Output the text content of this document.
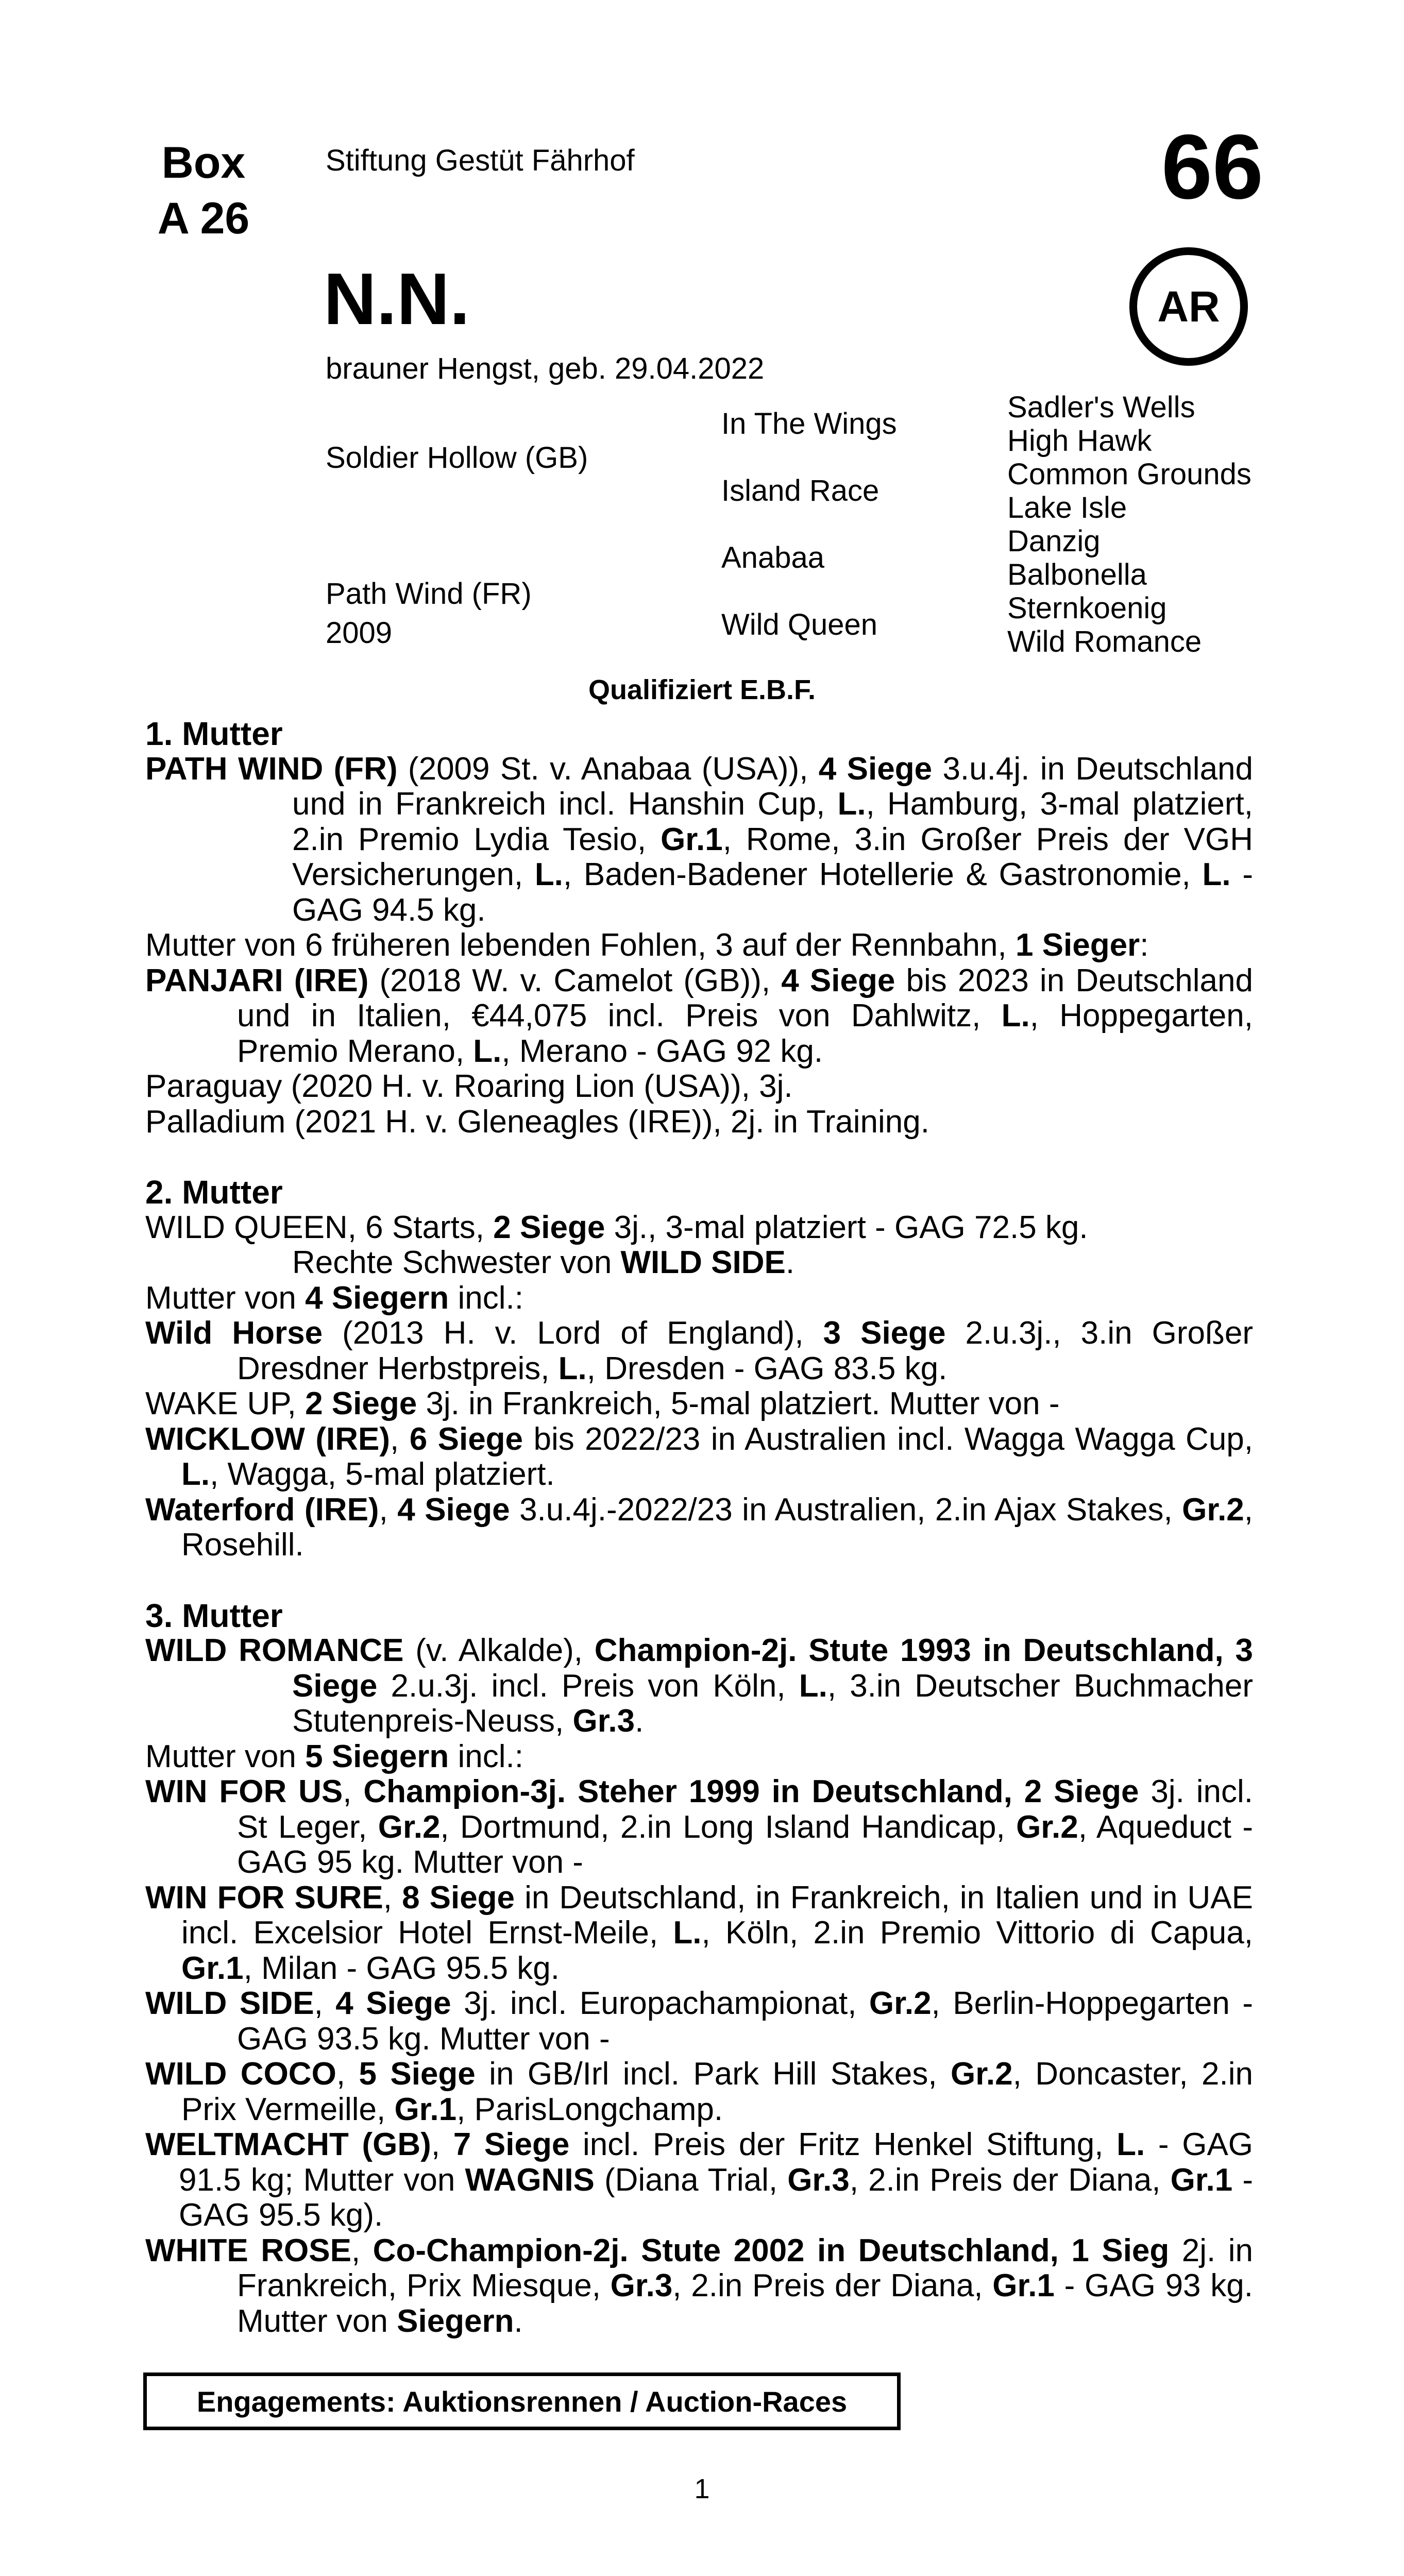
Box
A 26
Stiftung Gestüt Fährhof	66
AR
N.N.
brauner Hengst, geb. 29.04.2022
Soldier Hollow (GB)
Path Wind (FR)
2009
In The Wings
Island Race
Anabaa
Wild Queen
Sadler's Wells
High Hawk
Common Grounds
Lake Isle
Danzig
Balbonella
Sternkoenig
Wild Romance
Qualifiziert E.B.F.

1. Mutter

PATH WIND (FR) (2009 St. v. Anabaa (USA)), 4 Siege 3.u.4j. in Deutschland und in Frankreich incl. Hanshin Cup, L., Hamburg, 3-mal platziert, 2.in Premio Lydia Tesio, Gr.1, Rome, 3.in Großer Preis der VGH Versicherungen, L., Baden-Badener Hotellerie & Gastronomie, L. - GAG 94.5 kg.

Mutter von 6 früheren lebenden Fohlen, 3 auf der Rennbahn, 1 Sieger:

PANJARI (IRE) (2018 W. v. Camelot (GB)), 4 Siege bis 2023 in Deutschland und in Italien, €44,075 incl. Preis von Dahlwitz, L., Hoppegarten, Premio Merano, L., Merano - GAG 92 kg.

Paraguay (2020 H. v. Roaring Lion (USA)), 3j.

Palladium (2021 H. v. Gleneagles (IRE)), 2j. in Training.

2. Mutter

WILD QUEEN, 6 Starts, 2 Siege 3j., 3-mal platziert - GAG 72.5 kg.

Rechte Schwester von WILD SIDE.

Mutter von 4 Siegern incl.:

Wild Horse (2013 H. v. Lord of England), 3 Siege 2.u.3j., 3.in Großer Dresdner Herbstpreis, L., Dresden - GAG 83.5 kg.

WAKE UP, 2 Siege 3j. in Frankreich, 5-mal platziert. Mutter von -

WICKLOW (IRE), 6 Siege bis 2022/23 in Australien incl. Wagga Wagga Cup, L., Wagga, 5-mal platziert.

Waterford (IRE), 4 Siege 3.u.4j.-2022/23 in Australien, 2.in Ajax Stakes, Gr.2, Rosehill.

3. Mutter

WILD ROMANCE (v. Alkalde), Champion-2j. Stute 1993 in Deutschland, 3 Siege 2.u.3j. incl. Preis von Köln, L., 3.in Deutscher Buchmacher Stutenpreis-Neuss, Gr.3.

Mutter von 5 Siegern incl.:

WIN FOR US, Champion-3j. Steher 1999 in Deutschland, 2 Siege 3j. incl. St Leger, Gr.2, Dortmund, 2.in Long Island Handicap, Gr.2, Aqueduct - GAG 95 kg. Mutter von -

WIN FOR SURE, 8 Siege in Deutschland, in Frankreich, in Italien und in UAE incl. Excelsior Hotel Ernst-Meile, L., Köln, 2.in Premio Vittorio di Capua, Gr.1, Milan - GAG 95.5 kg.

WILD SIDE, 4 Siege 3j. incl. Europachampionat, Gr.2, Berlin-Hoppegarten - GAG 93.5 kg. Mutter von -

WILD COCO, 5 Siege in GB/Irl incl. Park Hill Stakes, Gr.2, Doncaster, 2.in Prix Vermeille, Gr.1, ParisLongchamp.

WELTMACHT (GB), 7 Siege incl. Preis der Fritz Henkel Stiftung, L. - GAG 91.5 kg; Mutter von WAGNIS (Diana Trial, Gr.3, 2.in Preis der Diana, Gr.1 - GAG 95.5 kg).

WHITE ROSE, Co-Champion-2j. Stute 2002 in Deutschland, 1 Sieg 2j. in Frankreich, Prix Miesque, Gr.3, 2.in Preis der Diana, Gr.1 - GAG 93 kg. Mutter von Siegern.

Engagements: Auktionsrennen / Auction-Races
1
